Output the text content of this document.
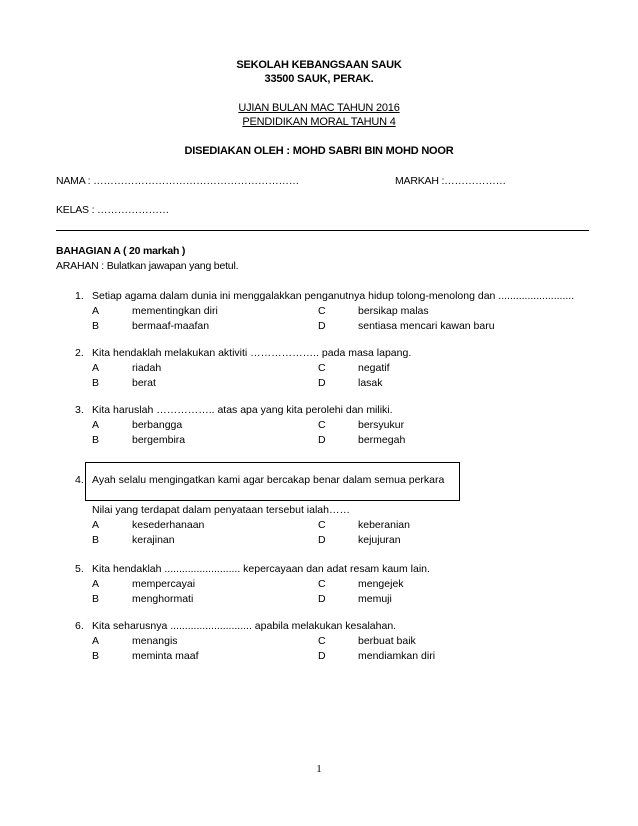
SEKOLAH KEBANGSAAN SAUK
33500 SAUK, PERAK.
UJIAN BULAN MAC TAHUN 2016
PENDIDIKAN MORAL TAHUN 4
DISEDIAKAN OLEH : MOHD SABRI BIN MOHD NOOR
NAMA : ……………………………………………………	MARKAH :………………
KELAS : …………………
BAHAGIAN A ( 20 markah )
ARAHAN : Bulatkan jawapan yang betul.
1. Setiap agama dalam dunia ini menggalakkan penganutnya hidup tolong-menolong dan ..........................
A	mementingkan diri	C	bersikap malas
B	bermaaf-maafan	D	sentiasa mencari kawan baru
2. Kita hendaklah melakukan aktiviti ……………….. pada masa lapang.
A	riadah	C	negatif
B	berat	D	lasak
3. Kita haruslah …………….. atas apa yang kita perolehi dan miliki.
A	berbangga	C	bersyukur
B	bergembira	D	bermegah
4. Ayah selalu mengingatkan kami agar bercakap benar dalam semua perkara
Nilai yang terdapat dalam penyataan tersebut ialah……
A	kesederhanaan	C	keberanian
B	kerajinan	D	kejujuran
5. Kita hendaklah .......................... kepercayaan dan adat resam kaum lain.
A	mempercayai	C	mengejek
B	menghormati	D	memuji
6. Kita seharusnya ............................ apabila melakukan kesalahan.
A	menangis	C	berbuat baik
B	meminta maaf	D	mendiamkan diri
1
